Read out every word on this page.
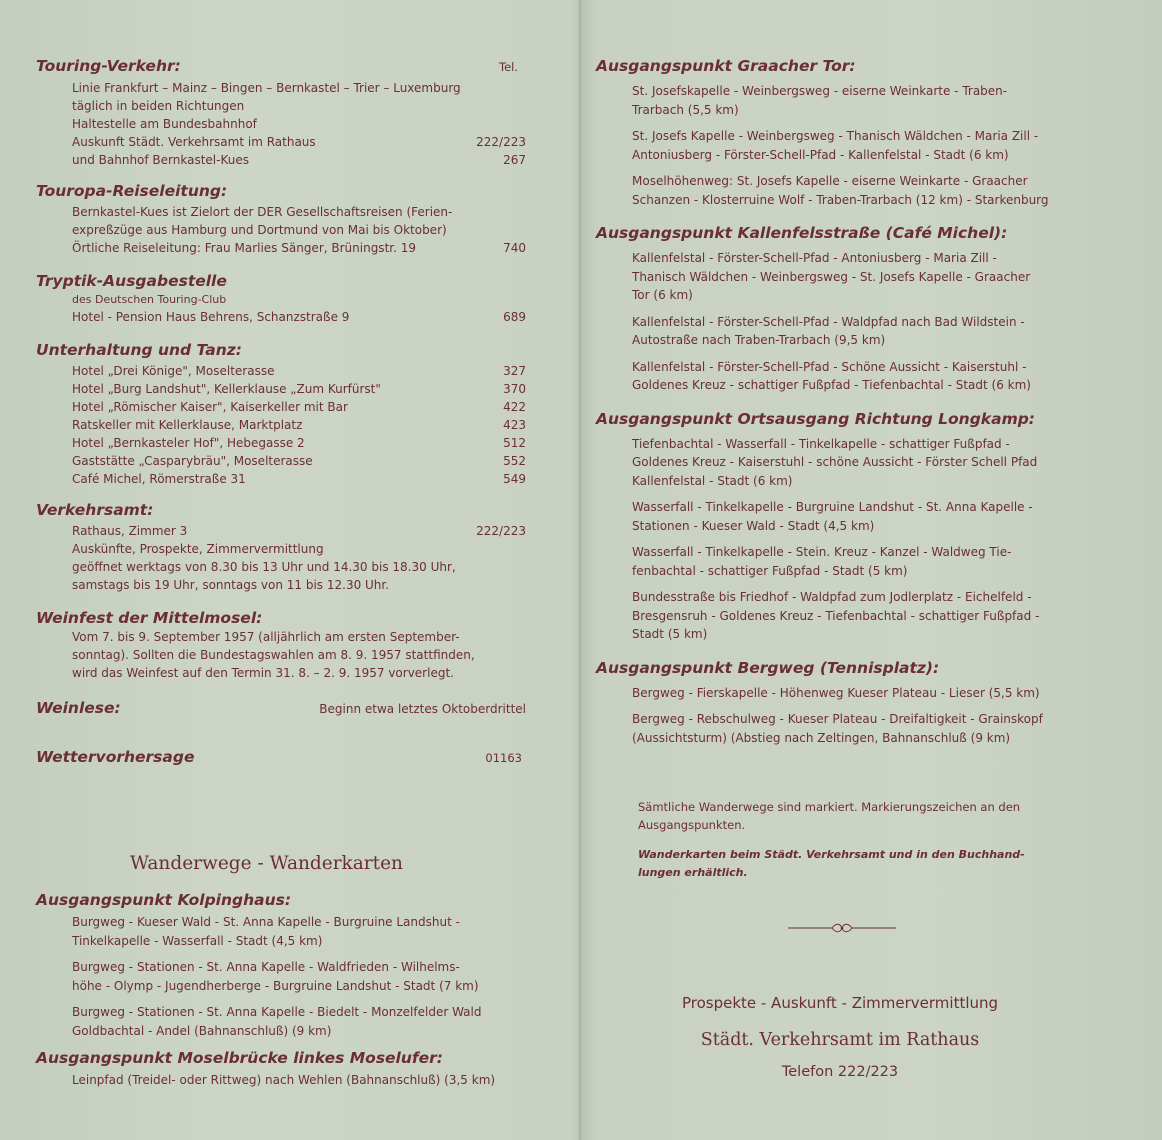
Touring-Verkehr:	Tel.
Linie Frankfurt – Mainz – Bingen – Bernkastel – Trier – Luxemburg
täglich in beiden Richtungen
Haltestelle am Bundesbahnhof
Auskunft Städt. Verkehrsamt im Rathaus	222/223
und Bahnhof Bernkastel-Kues	267
Touropa-Reiseleitung:
Bernkastel-Kues ist Zielort der DER Gesellschaftsreisen (Ferien-
expreßzüge aus Hamburg und Dortmund von Mai bis Oktober)
Örtliche Reiseleitung: Frau Marlies Sänger, Brüningstr. 19	740
Tryptik-Ausgabestelle
des Deutschen Touring-Club
Hotel - Pension Haus Behrens, Schanzstraße 9	689
Unterhaltung und Tanz:
Hotel „Drei Könige", Moselterasse	327
Hotel „Burg Landshut", Kellerklause „Zum Kurfürst"	370
Hotel „Römischer Kaiser", Kaiserkeller mit Bar	422
Ratskeller mit Kellerklause, Marktplatz	423
Hotel „Bernkasteler Hof", Hebegasse 2	512
Gaststätte „Casparybräu", Moselterasse	552
Café Michel, Römerstraße 31	549
Verkehrsamt:
Rathaus, Zimmer 3	222/223
Auskünfte, Prospekte, Zimmervermittlung
geöffnet werktags von 8.30 bis 13 Uhr und 14.30 bis 18.30 Uhr,
samstags bis 19 Uhr, sonntags von 11 bis 12.30 Uhr.
Weinfest der Mittelmosel:
Vom 7. bis 9. September 1957 (alljährlich am ersten September-
sonntag). Sollten die Bundestagswahlen am 8. 9. 1957 stattfinden,
wird das Weinfest auf den Termin 31. 8. – 2. 9. 1957 vorverlegt.
Weinlese:	Beginn etwa letztes Oktoberdrittel
Wettervorhersage	01163
Wanderwege - Wanderkarten
Ausgangspunkt Kolpinghaus:
Burgweg - Kueser Wald - St. Anna Kapelle - Burgruine Landshut -
Tinkelkapelle - Wasserfall - Stadt (4,5 km)
Burgweg - Stationen - St. Anna Kapelle - Waldfrieden - Wilhelms-
höhe - Olymp - Jugendherberge - Burgruine Landshut - Stadt (7 km)
Burgweg - Stationen - St. Anna Kapelle - Biedelt - Monzelfelder Wald
Goldbachtal - Andel (Bahnanschluß) (9 km)
Ausgangspunkt Moselbrücke linkes Moselufer:
Leinpfad (Treidel- oder Rittweg) nach Wehlen (Bahnanschluß) (3,5 km)
Ausgangspunkt Graacher Tor:
St. Josefskapelle - Weinbergsweg - eiserne Weinkarte - Traben-
Trarbach (5,5 km)
St. Josefs Kapelle - Weinbergsweg - Thanisch Wäldchen - Maria Zill -
Antoniusberg - Förster-Schell-Pfad - Kallenfelstal - Stadt (6 km)
Moselhöhenweg: St. Josefs Kapelle - eiserne Weinkarte - Graacher
Schanzen - Klosterruine Wolf - Traben-Trarbach (12 km) - Starkenburg
Ausgangspunkt Kallenfelsstraße (Café Michel):
Kallenfelstal - Förster-Schell-Pfad - Antoniusberg - Maria Zill -
Thanisch Wäldchen - Weinbergsweg - St. Josefs Kapelle - Graacher
Tor (6 km)
Kallenfelstal - Förster-Schell-Pfad - Waldpfad nach Bad Wildstein -
Autostraße nach Traben-Trarbach (9,5 km)
Kallenfelstal - Förster-Schell-Pfad - Schöne Aussicht - Kaiserstuhl -
Goldenes Kreuz - schattiger Fußpfad - Tiefenbachtal - Stadt (6 km)
Ausgangspunkt Ortsausgang Richtung Longkamp:
Tiefenbachtal - Wasserfall - Tinkelkapelle - schattiger Fußpfad -
Goldenes Kreuz - Kaiserstuhl - schöne Aussicht - Förster Schell Pfad
Kallenfelstal - Stadt (6 km)
Wasserfall - Tinkelkapelle - Burgruine Landshut - St. Anna Kapelle -
Stationen - Kueser Wald - Stadt (4,5 km)
Wasserfall - Tinkelkapelle - Stein. Kreuz - Kanzel - Waldweg Tie-
fenbachtal - schattiger Fußpfad - Stadt (5 km)
Bundesstraße bis Friedhof - Waldpfad zum Jodlerplatz - Eichelfeld -
Bresgensruh - Goldenes Kreuz - Tiefenbachtal - schattiger Fußpfad -
Stadt (5 km)
Ausgangspunkt Bergweg (Tennisplatz):
Bergweg - Fierskapelle - Höhenweg Kueser Plateau - Lieser (5,5 km)
Bergweg - Rebschulweg - Kueser Plateau - Dreifaltigkeit - Grainskopf
(Aussichtsturm) (Abstieg nach Zeltingen, Bahnanschluß (9 km)
Sämtliche Wanderwege sind markiert. Markierungszeichen an den
Ausgangspunkten.
Wanderkarten beim Städt. Verkehrsamt und in den Buchhand-
lungen erhältlich.
Prospekte - Auskunft - Zimmervermittlung
Städt. Verkehrsamt im Rathaus
Telefon 222/223
